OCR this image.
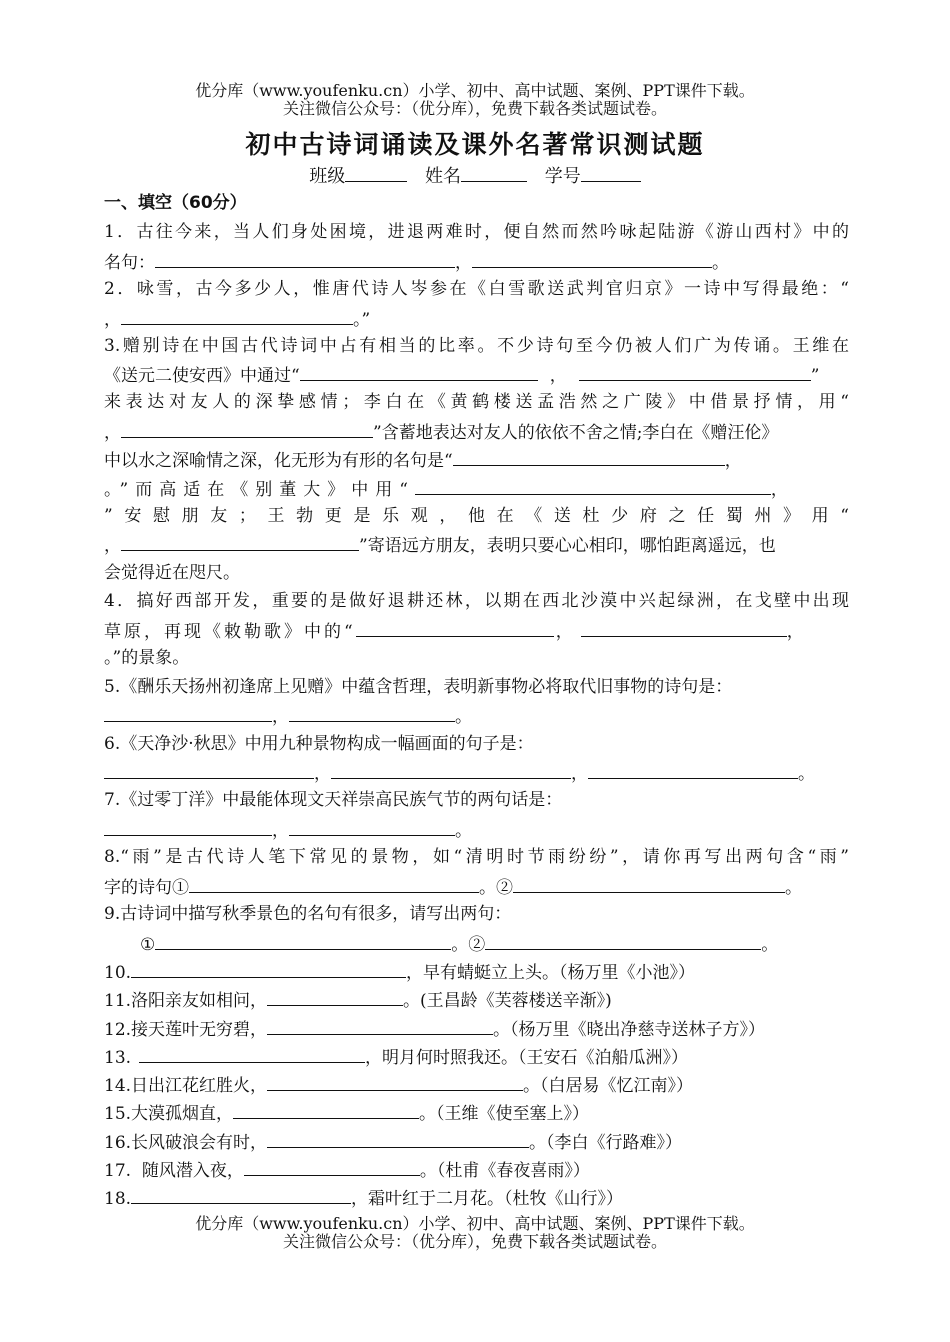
优分库（www.youfenku.cn）小学、初中、高中试题、案例、PPT课件下载。
关注微信公众号：（优分库），免费下载各类试题试卷。
初中古诗词诵读及课外名著常识测试题
班级	姓名	学号
一、填空（60分）
1．古往今来，当人们身处困境，进退两难时，便自然而然吟咏起陆游《游山西村》中的
名句：	，	。
2．咏雪，古今多少人，惟唐代诗人岑参在《白雪歌送武判官归京》一诗中写得最绝：“
，	。”
3.赠别诗在中国古代诗词中占有相当的比率。不少诗句至今仍被人们广为传诵。王维在
《送元二使安西》中通过“	，	”
来表达对友人的深挚感情；李白在《黄鹤楼送孟浩然之广陵》中借景抒情，用“
，	”含蓄地表达对友人的依依不舍之情;李白在《赠汪伦》
中以水之深喻情之深，化无形为有形的名句是“	，
。”而高适在《别董大》中用“	，
”安慰朋友；王勃更是乐观，他在《送杜少府之任蜀州》用“
，	”寄语远方朋友，表明只要心心相印，哪怕距离遥远，也
会觉得近在咫尺。
4．搞好西部开发，重要的是做好退耕还林，以期在西北沙漠中兴起绿洲，在戈壁中出现
草原，再现《敕勒歌》中的“	，	，
。”的景象。
5.《酬乐天扬州初逢席上见赠》中蕴含哲理，表明新事物必将取代旧事物的诗句是：
，	。
6.《天净沙·秋思》中用九种景物构成一幅画面的句子是：
，	，	。
7.《过零丁洋》中最能体现文天祥崇高民族气节的两句话是：
，	。
8.“雨”是古代诗人笔下常见的景物，如“清明时节雨纷纷”，请你再写出两句含“雨”
字的诗句①	。②	。
9.古诗词中描写秋季景色的名句有很多，请写出两句：
①	。②	。
10.	，早有蜻蜓立上头。（杨万里《小池》）
11.洛阳亲友如相问，	。(王昌龄《芙蓉楼送辛渐》)
12.接天莲叶无穷碧，	。（杨万里《晓出净慈寺送林子方》）
13.	，明月何时照我还。（王安石《泊船瓜洲》）
14.日出江花红胜火，	。（白居易《忆江南》）
15.大漠孤烟直，	。（王维《使至塞上》）
16.长风破浪会有时，	。（李白《行路难》）
17.  随风潜入夜，	。（杜甫《春夜喜雨》）
18.	，霜叶红于二月花。（杜牧《山行》）
优分库（www.youfenku.cn）小学、初中、高中试题、案例、PPT课件下载。
关注微信公众号：（优分库），免费下载各类试题试卷。
